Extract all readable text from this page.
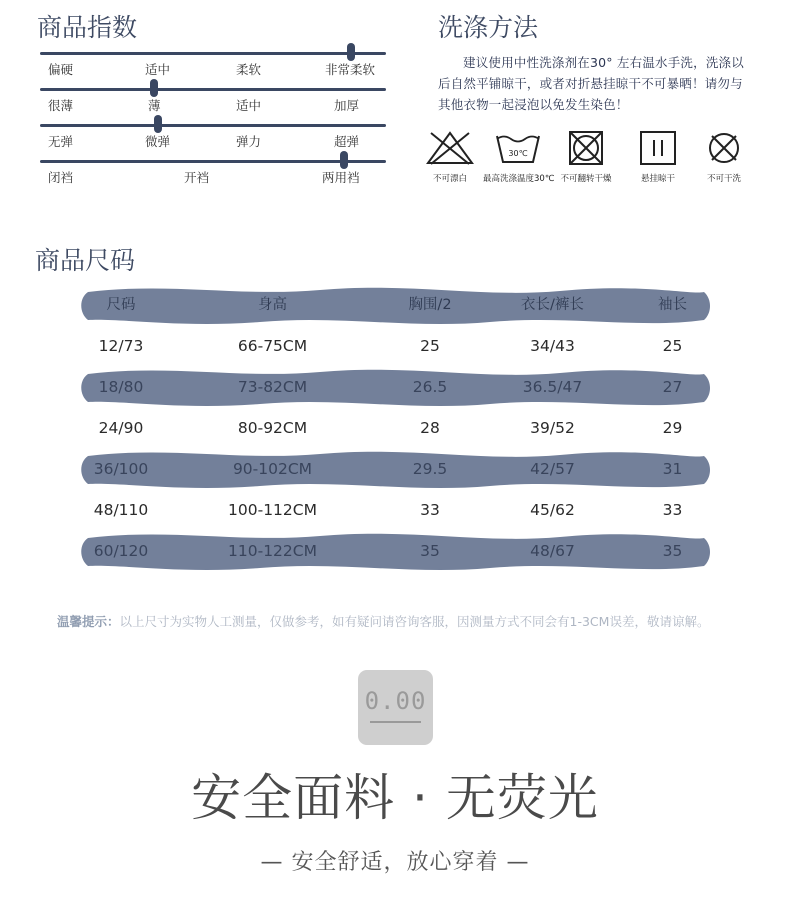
商品指数
偏硬	适中	柔软	非常柔软
很薄	薄	适中	加厚
无弹	微弹	弹力	超弹
闭裆	开裆	两用裆
洗涤方法

建议使用中性洗涤剂在30° 左右温水手洗，洗涤以后自然平铺晾干，或者对折悬挂晾干不可暴晒！请勿与其他衣物一起浸泡以免发生染色！

不可漂白
30℃
最高洗涤温度30℃ 不可翻转干燥	悬挂晾干	不可干洗
商品尺码
尺码	身高	胸围/2	衣长/裤长	袖长
12/73	66-75CM	25	34/43	25
18/80	73-82CM	26.5	36.5/47	27
24/90	80-92CM	28	39/52	29
36/100	90-102CM	29.5	42/57	31
48/110	100-112CM	33	45/62	33
60/120	110-122CM	35	48/67	35
温馨提示：以上尺寸为实物人工测量，仅做参考，如有疑问请咨询客服，因测量方式不同会有1-3CM误差，敬请谅解。
0.00
安全面料 · 无荧光
— 安全舒适，放心穿着 —
